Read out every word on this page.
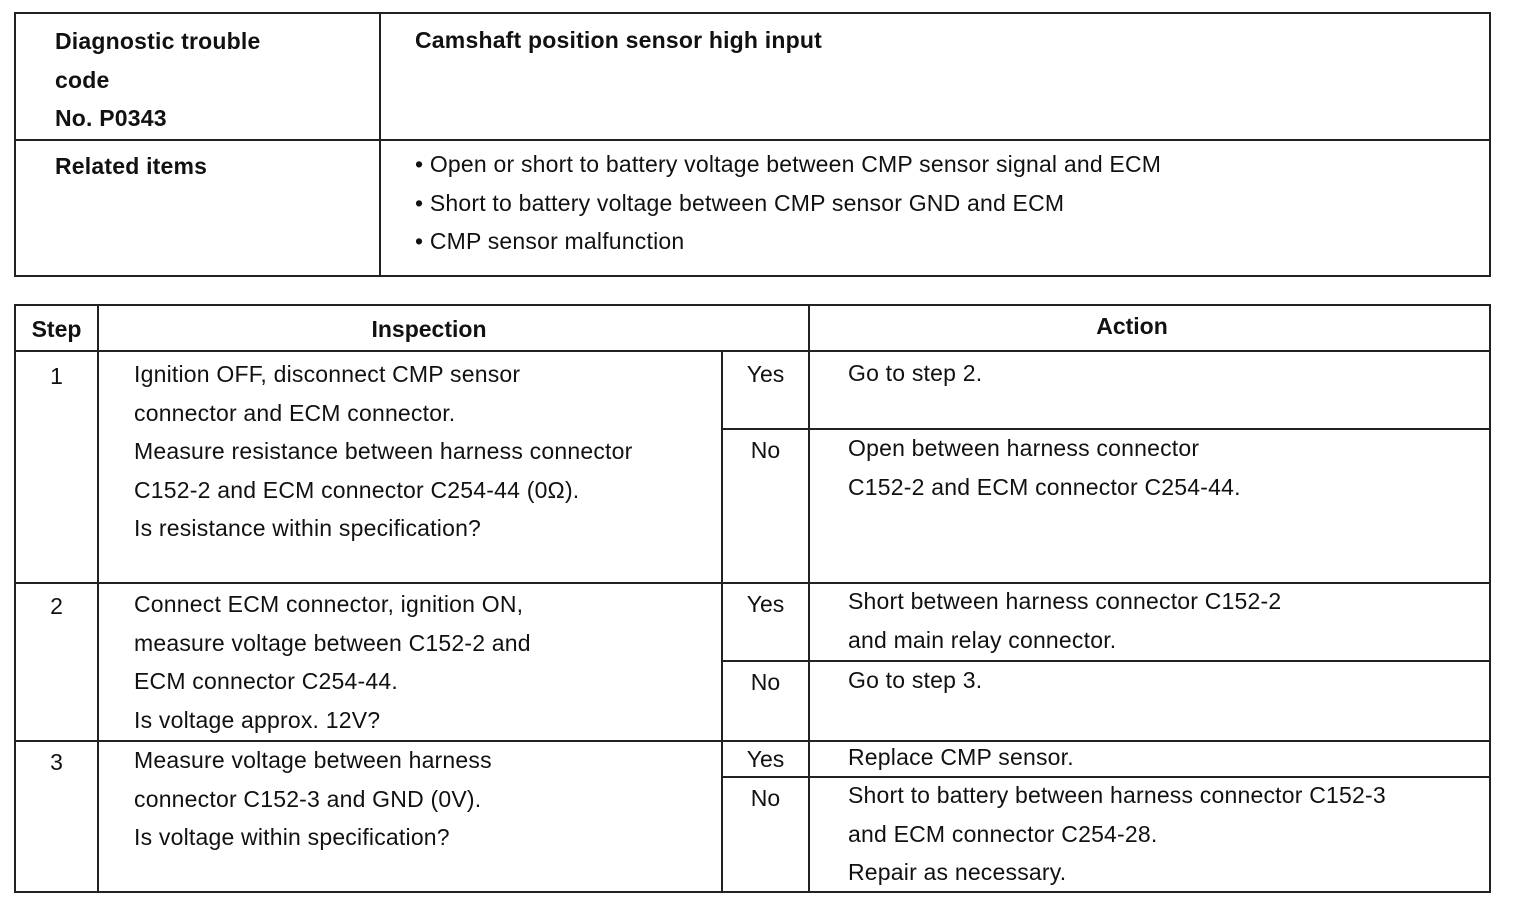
Diagnostic trouble
code
No. P0343
Camshaft position sensor high input
Related items	• Open or short to battery voltage between CMP sensor signal and ECM
• Short to battery voltage between CMP sensor GND and ECM
• CMP sensor malfunction
Step	Inspection	Action
1	Ignition OFF, disconnect CMP sensor
connector and ECM connector.
Measure resistance between harness connector
C152-2 and ECM connector C254-44 (0Ω).
Is resistance within specification?
Yes	Go to step 2.
No	Open between harness connector
C152-2 and ECM connector C254-44.
2	Connect ECM connector, ignition ON,
measure voltage between C152-2 and
ECM connector C254-44.
Is voltage approx. 12V?
Yes	Short between harness connector C152-2
and main relay connector.
No	Go to step 3.
3	Measure voltage between harness
connector C152-3 and GND (0V).
Is voltage within specification?
Yes	Replace CMP sensor.
No	Short to battery between harness connector C152-3
and ECM connector C254-28.
Repair as necessary.
